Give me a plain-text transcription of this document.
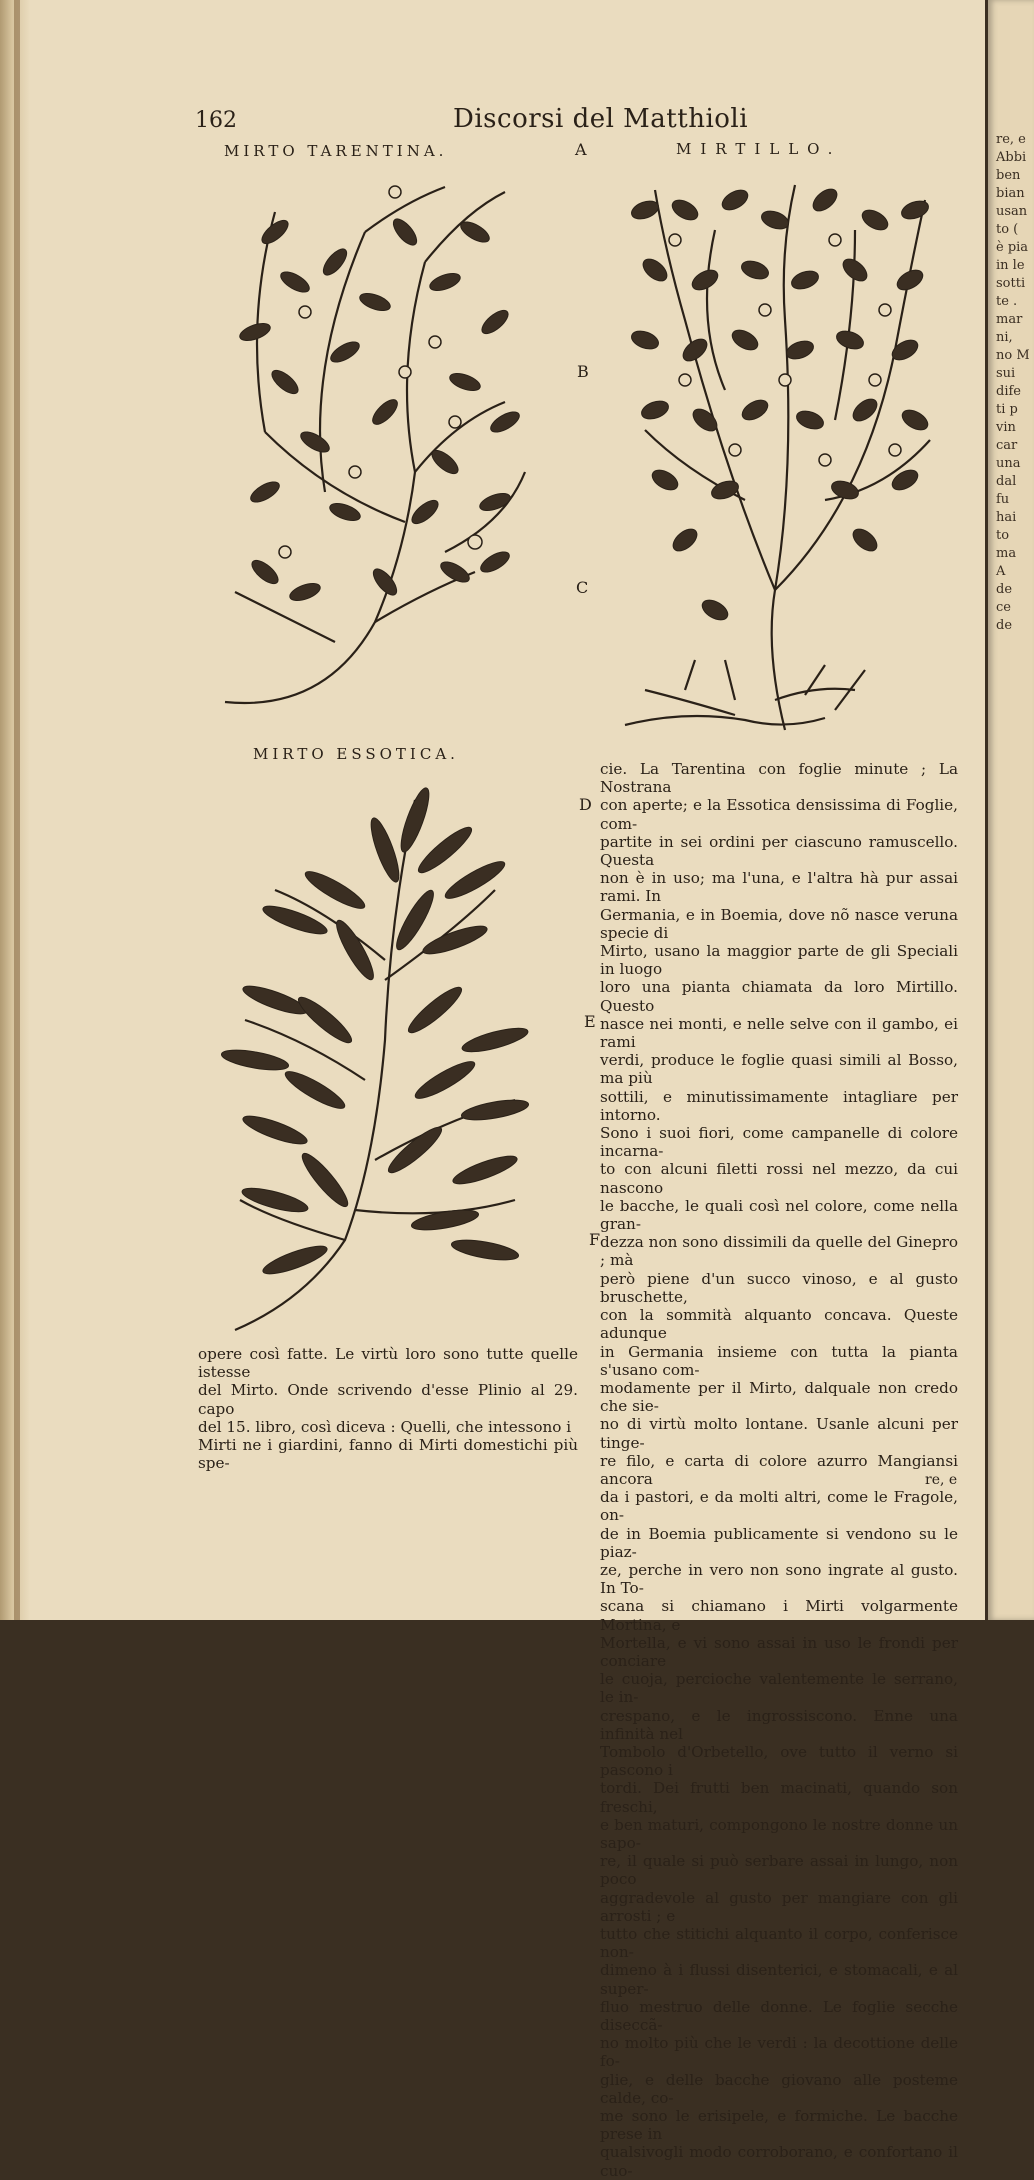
162	Discorsi del Matthioli
MIRTO TARENTINA.	MIRTILLO.
MIRTO ESSOTICA.
A
B
C
D
E
F

cie. La Tarentina con foglie minute ; La Nostrana

con aperte; e la Essotica densissima di Foglie, com-

partite in sei ordini per ciascuno ramuscello. Questa

non è in uso; ma l'una, e l'altra hà pur assai rami. In

Germania, e in Boemia, dove nõ nasce veruna specie di

Mirto, usano la maggior parte de gli Speciali in luogo

loro una pianta chiamata da loro Mirtillo. Questo

nasce nei monti, e nelle selve con il gambo, ei rami

verdi, produce le foglie quasi simili al Bosso, ma più

sottili, e minutissimamente intagliare per intorno.

Sono i suoi fiori, come campanelle di colore incarna-

to con alcuni filetti rossi nel mezzo, da cui nascono

le bacche, le quali così nel colore, come nella gran-

dezza non sono dissimili da quelle del Ginepro ; mà

però piene d'un succo vinoso, e al gusto bruschette,

con la sommità alquanto concava. Queste adunque

in Germania insieme con tutta la pianta s'usano com-

modamente per il Mirto, dalquale non credo che sie-

no di virtù molto lontane. Usanle alcuni per tinge-

re filo, e carta di colore azurro Mangiansi ancora

da i pastori, e da molti altri, come le Fragole, on-

de in Boemia publicamente si vendono su le piaz-

ze, perche in vero non sono ingrate al gusto. In To-

scana si chiamano i Mirti volgarmente Mortina, e

Mortella, e vi sono assai in uso le frondi per conciare

le cuoja, percioche valentemente le serrano, le in-

crespano, e le ingrossiscono. Enne una infinità nel

Tombolo d'Orbetello, ove tutto il verno si pascono i

tordi. Dei frutti ben macinati, quando son freschi,

e ben maturi, compongono le nostre donne un sapo-

re, il quale si può serbare assai in lungo, non poco

aggradevole al gusto per mangiare con gli arrosti ; e

tutto che stitichi alquanto il corpo, conferisce non-

dimeno à i flussi disenterici, e stomacali, e al super-

fluo mestruo delle donne. Le foglie secche diseccã-

no molto più che le verdi : la decottione delle fo-

glie, e delle bacche giovano alle posteme calde, co-

me sono le erisipele, e formiche. Le bacche prese in

qualsivogli modo corroborano, e confortano il cuo-

re, e

opere così fatte. Le virtù loro sono tutte quelle istesse

del Mirto. Onde scrivendo d'esse Plinio al 29. capo

del 15. libro, così diceva : Quelli, che intessono i

Mirti ne i giardini, fanno di Mirti domestichi più spe-

re, e
Abbi
ben
bian
usan
to (
è pia
in le
sotti
te .
mar
ni,
no M
sui
dife
ti p
vin
car
una
dal
fu
hai
to
ma
A
de
ce
de
